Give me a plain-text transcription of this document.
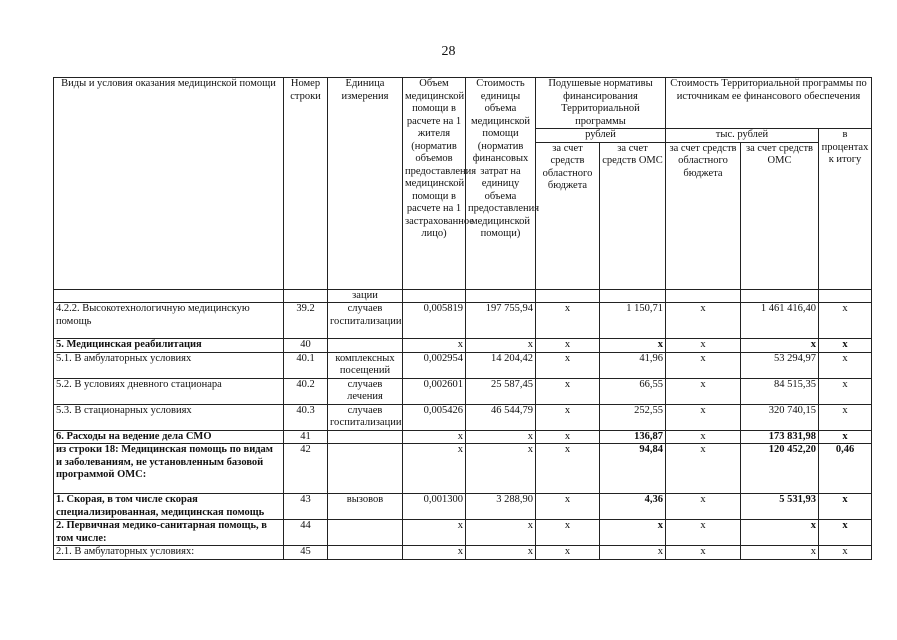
28
Виды и условия оказания медицинской помощи	Номер строки	Единица измерения	Объем медицинской помощи в расчете на 1 жителя (норматив объемов предоставления медицинской помощи в расчете на 1 застрахованное лицо)	Стоимость единицы объема медицинской помощи (норматив финансовых затрат на единицу объема предоставления медицинской помощи)	Подушевые нормативы финансирования Территориальной программы		Стоимость Территориальной программы по источникам ее финансового обеспечения		
					рублей		тыс. рублей		в процентах к итогу
					за счет средств областного бюджета	за счет средств ОМС	за счет средств областного бюджета	за счет средств ОМС	
		зации							
4.2.2. Высокотехнологичную медицинскую помощь	39.2	случаев госпитализации	0,005819	197 755,94	х	1 150,71	х	1 461 416,40	х
5. Медицинская реабилитация	40		х	х	х	х	х	х	х
5.1. В амбулаторных условиях	40.1	комплексных посещений	0,002954	14 204,42	х	41,96	х	53 294,97	х
5.2. В условиях дневного стационара	40.2	случаев лечения	0,002601	25 587,45	х	66,55	х	84 515,35	х
5.3. В стационарных условиях	40.3	случаев госпитализации	0,005426	46 544,79	х	252,55	х	320 740,15	х
6. Расходы на ведение дела СМО	41		х	х	х	136,87	х	173 831,98	х
из строки 18: Медицинская помощь по видам и заболеваниям, не установленным базовой программой ОМС:	42		х	х	х	94,84	х	120 452,20	0,46
1. Скорая, в том числе скорая специализированная, медицинская помощь	43	вызовов	0,001300	3 288,90	х	4,36	х	5 531,93	х
2. Первичная медико-санитарная помощь, в том числе:	44		х	х	х	х	х	х	х
2.1. В амбулаторных условиях:	45		х	х	х	х	х	х	х
